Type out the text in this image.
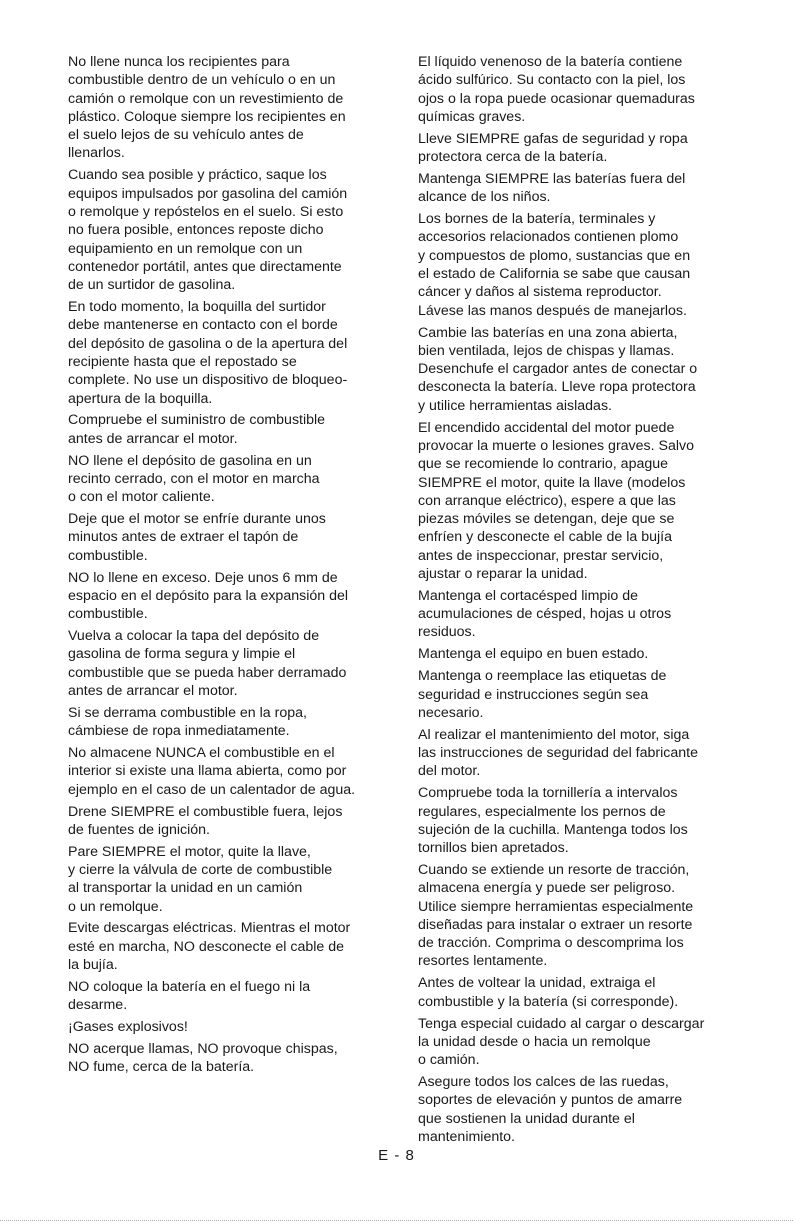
No llene nunca los recipientes para
combustible dentro de un vehículo o en un
camión o remolque con un revestimiento de
plástico. Coloque siempre los recipientes en
el suelo lejos de su vehículo antes de
llenarlos.

Cuando sea posible y práctico, saque los
equipos impulsados por gasolina del camión
o remolque y repóstelos en el suelo. Si esto
no fuera posible, entonces reposte dicho
equipamiento en un remolque con un
contenedor portátil, antes que directamente
de un surtidor de gasolina.

En todo momento, la boquilla del surtidor
debe mantenerse en contacto con el borde
del depósito de gasolina o de la apertura del
recipiente hasta que el repostado se
complete. No use un dispositivo de bloqueo-
apertura de la boquilla.

Compruebe el suministro de combustible
antes de arrancar el motor.

NO llene el depósito de gasolina en un
recinto cerrado, con el motor en marcha
o con el motor caliente.

Deje que el motor se enfríe durante unos
minutos antes de extraer el tapón de
combustible.

NO lo llene en exceso. Deje unos 6 mm de
espacio en el depósito para la expansión del
combustible.

Vuelva a colocar la tapa del depósito de
gasolina de forma segura y limpie el
combustible que se pueda haber derramado
antes de arrancar el motor.

Si se derrama combustible en la ropa,
cámbiese de ropa inmediatamente.

No almacene NUNCA el combustible en el
interior si existe una llama abierta, como por
ejemplo en el caso de un calentador de agua.

Drene SIEMPRE el combustible fuera, lejos
de fuentes de ignición.

Pare SIEMPRE el motor, quite la llave,
y cierre la válvula de corte de combustible
al transportar la unidad en un camión
o un remolque.

Evite descargas eléctricas. Mientras el motor
esté en marcha, NO desconecte el cable de
la bujía.

NO coloque la batería en el fuego ni la
desarme.

¡Gases explosivos!

NO acerque llamas, NO provoque chispas,
NO fume, cerca de la batería.

El líquido venenoso de la batería contiene
ácido sulfúrico. Su contacto con la piel, los
ojos o la ropa puede ocasionar quemaduras
químicas graves.

Lleve SIEMPRE gafas de seguridad y ropa
protectora cerca de la batería.

Mantenga SIEMPRE las baterías fuera del
alcance de los niños.

Los bornes de la batería, terminales y
accesorios relacionados contienen plomo
y compuestos de plomo, sustancias que en
el estado de California se sabe que causan
cáncer y daños al sistema reproductor.
Lávese las manos después de manejarlos.

Cambie las baterías en una zona abierta,
bien ventilada, lejos de chispas y llamas.
Desenchufe el cargador antes de conectar o
desconecta la batería. Lleve ropa protectora
y utilice herramientas aisladas.

El encendido accidental del motor puede
provocar la muerte o lesiones graves. Salvo
que se recomiende lo contrario, apague
SIEMPRE el motor, quite la llave (modelos
con arranque eléctrico), espere a que las
piezas móviles se detengan, deje que se
enfríen y desconecte el cable de la bujía
antes de inspeccionar, prestar servicio,
ajustar o reparar la unidad.

Mantenga el cortacésped limpio de
acumulaciones de césped, hojas u otros
residuos.

Mantenga el equipo en buen estado.

Mantenga o reemplace las etiquetas de
seguridad e instrucciones según sea
necesario.

Al realizar el mantenimiento del motor, siga
las instrucciones de seguridad del fabricante
del motor.

Compruebe toda la tornillería a intervalos
regulares, especialmente los pernos de
sujeción de la cuchilla. Mantenga todos los
tornillos bien apretados.

Cuando se extiende un resorte de tracción,
almacena energía y puede ser peligroso.
Utilice siempre herramientas especialmente
diseñadas para instalar o extraer un resorte
de tracción. Comprima o descomprima los
resortes lentamente.

Antes de voltear la unidad, extraiga el
combustible y la batería (si corresponde).

Tenga especial cuidado al cargar o descargar
la unidad desde o hacia un remolque
o camión.

Asegure todos los calces de las ruedas,
soportes de elevación y puntos de amarre
que sostienen la unidad durante el
mantenimiento.

E - 8
